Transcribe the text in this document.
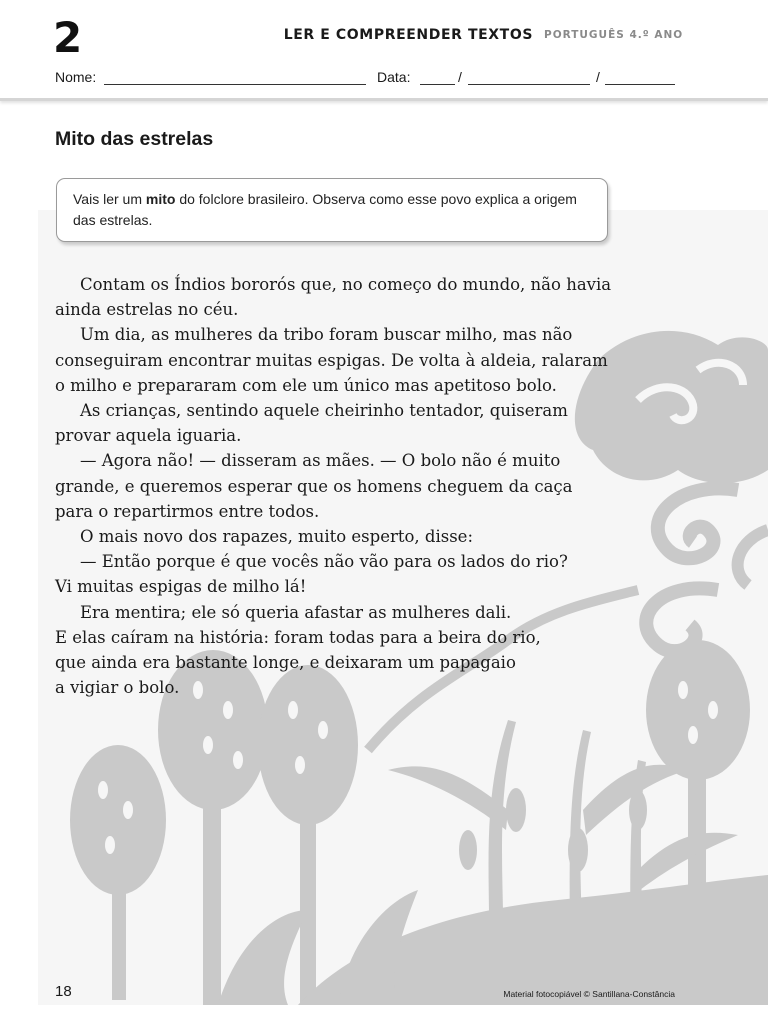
2	LER E COMPREENDER TEXTOS PORTUGUÊS 4.º ANO
Nome:	Data:	/	/
Mito das estrelas

Vais ler um mito do folclore brasileiro. Observa como esse povo explica a origem das estrelas.

Contam os Índios bororós que, no começo do mundo, não havia

ainda estrelas no céu.

Um dia, as mulheres da tribo foram buscar milho, mas não

conseguiram encontrar muitas espigas. De volta à aldeia, ralaram

o milho e prepararam com ele um único mas apetitoso bolo.

As crianças, sentindo aquele cheirinho tentador, quiseram

provar aquela iguaria.

— Agora não! — disseram as mães. — O bolo não é muito

grande, e queremos esperar que os homens cheguem da caça

para o repartirmos entre todos.

O mais novo dos rapazes, muito esperto, disse:

— Então porque é que vocês não vão para os lados do rio?

Vi muitas espigas de milho lá!

Era mentira; ele só queria afastar as mulheres dali.

E elas caíram na história: foram todas para a beira do rio,

que ainda era bastante longe, e deixaram um papagaio

a vigiar o bolo.

18	Material fotocopiável © Santillana-Constância
